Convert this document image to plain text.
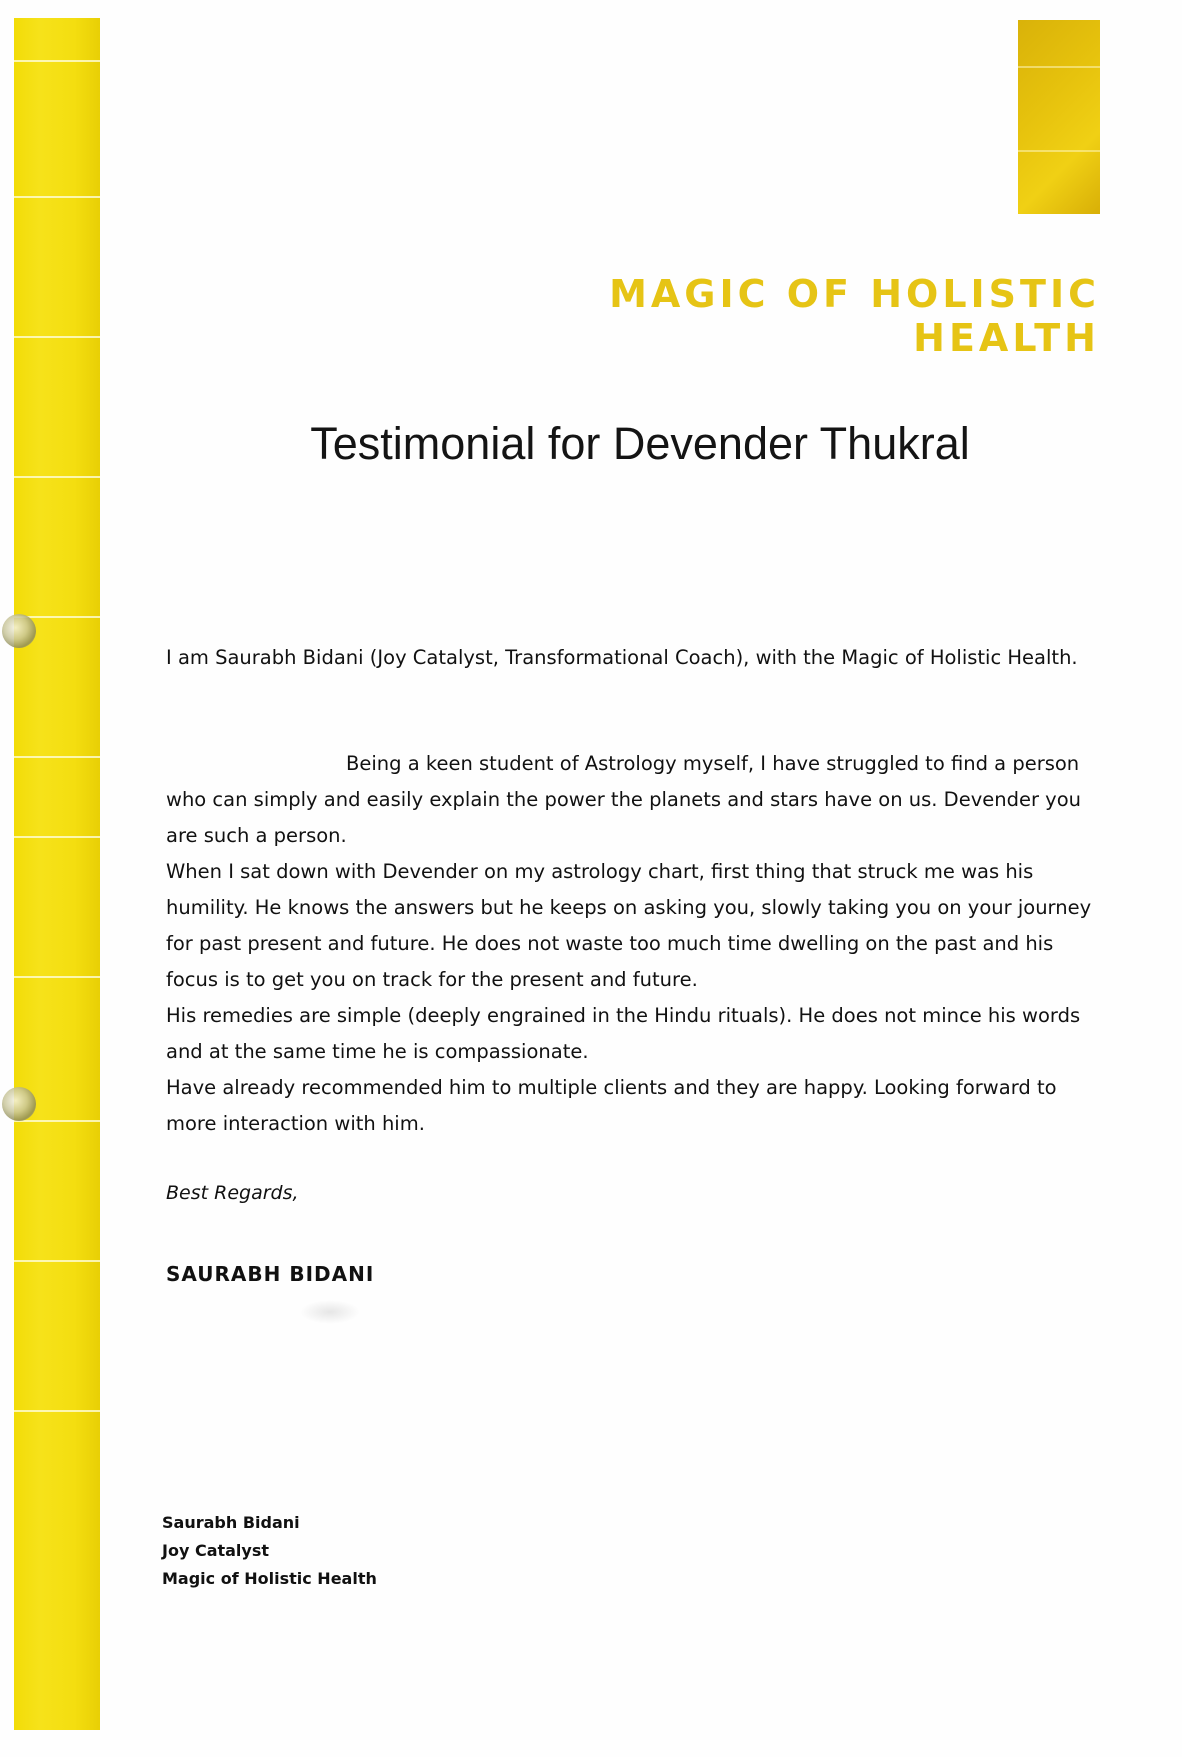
MAGIC OF HOLISTIC HEALTH
Testimonial for Devender Thukral
I am Saurabh Bidani (Joy Catalyst, Transformational Coach), with the Magic of Holistic Health.

Being a keen student of Astrology myself, I have struggled to find a person who can simply and easily explain the power the planets and stars have on us. Devender you are such a person.

When I sat down with Devender on my astrology chart, first thing that struck me was his humility. He knows the answers but he keeps on asking you, slowly taking you on your journey for past present and future. He does not waste too much time dwelling on the past and his focus is to get you on track for the present and future.

His remedies are simple (deeply engrained in the Hindu rituals). He does not mince his words and at the same time he is compassionate.

Have already recommended him to multiple clients and they are happy. Looking forward to more interaction with him.

Best Regards,
SAURABH BIDANI
Saurabh Bidani
Joy Catalyst
Magic of Holistic Health
